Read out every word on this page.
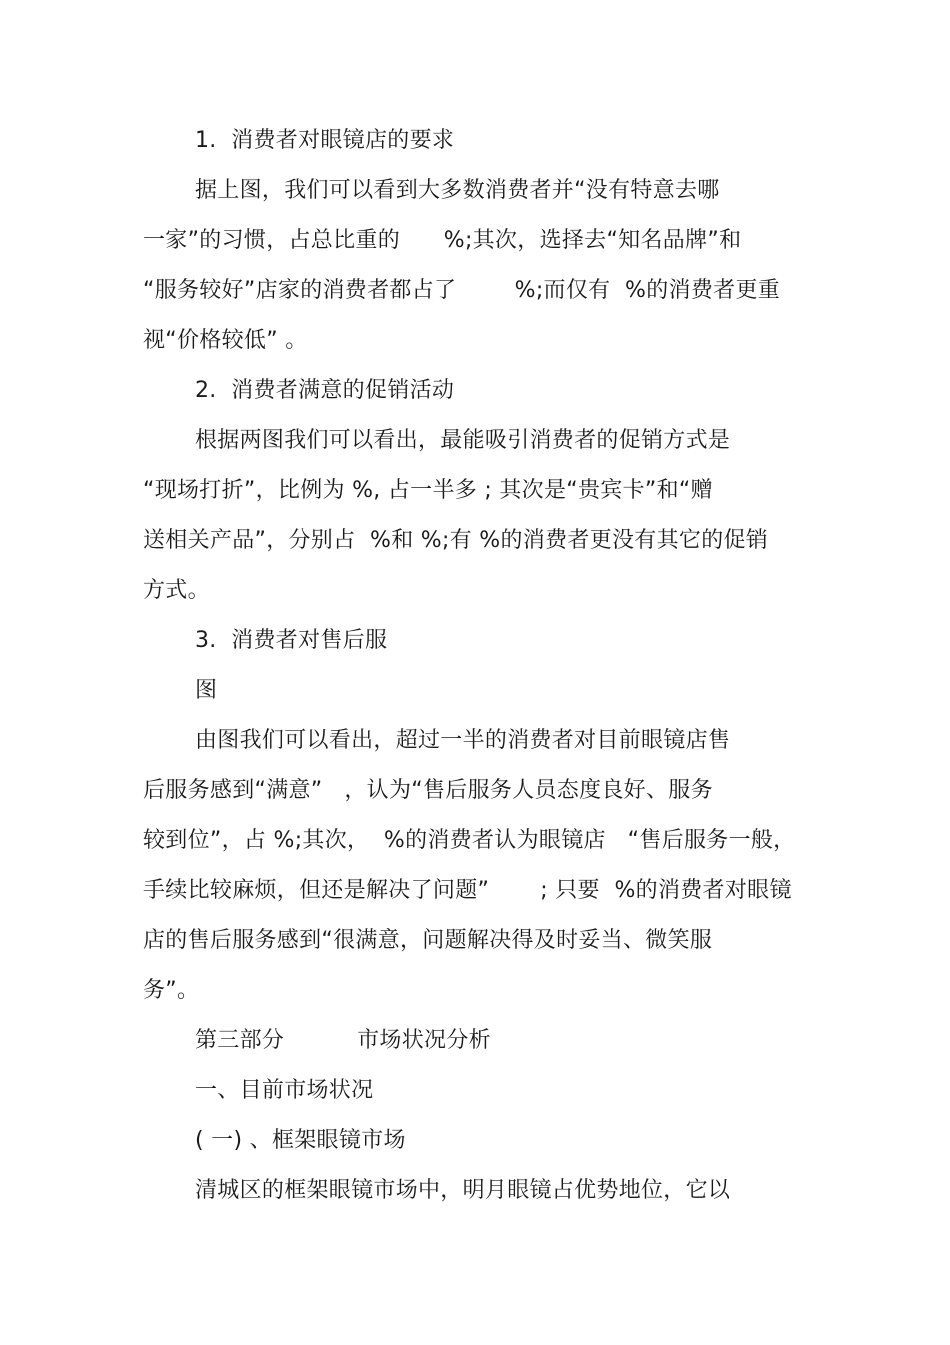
1.  消费者对眼镜店的要求
据上图，我们可以看到大多数消费者并“没有特意去哪
一家”的习惯，占总比重的      %;其次，选择去“知名品牌”和
“服务较好”店家的消费者都占了        %;而仅有  %的消费者更重
视“价格较低” 。
2.  消费者满意的促销活动
根据两图我们可以看出，最能吸引消费者的促销方式是
“现场打折”，比例为 %, 占一半多 ; 其次是“贵宾卡”和“赠
送相关产品”，分别占  %和 %;有 %的消费者更没有其它的促销
方式。
3.  消费者对售后服
图
由图我们可以看出，超过一半的消费者对目前眼镜店售
后服务感到“满意”   ，认为“售后服务人员态度良好、服务
较到位”，占 %;其次，  %的消费者认为眼镜店   “售后服务一般，
手续比较麻烦，但还是解决了问题”       ; 只要  %的消费者对眼镜
店的售后服务感到“很满意，问题解决得及时妥当、微笑服
务”。
第三部分          市场状况分析
一、目前市场状况
( 一) 、框架眼镜市场
清城区的框架眼镜市场中，明月眼镜占优势地位，它以
